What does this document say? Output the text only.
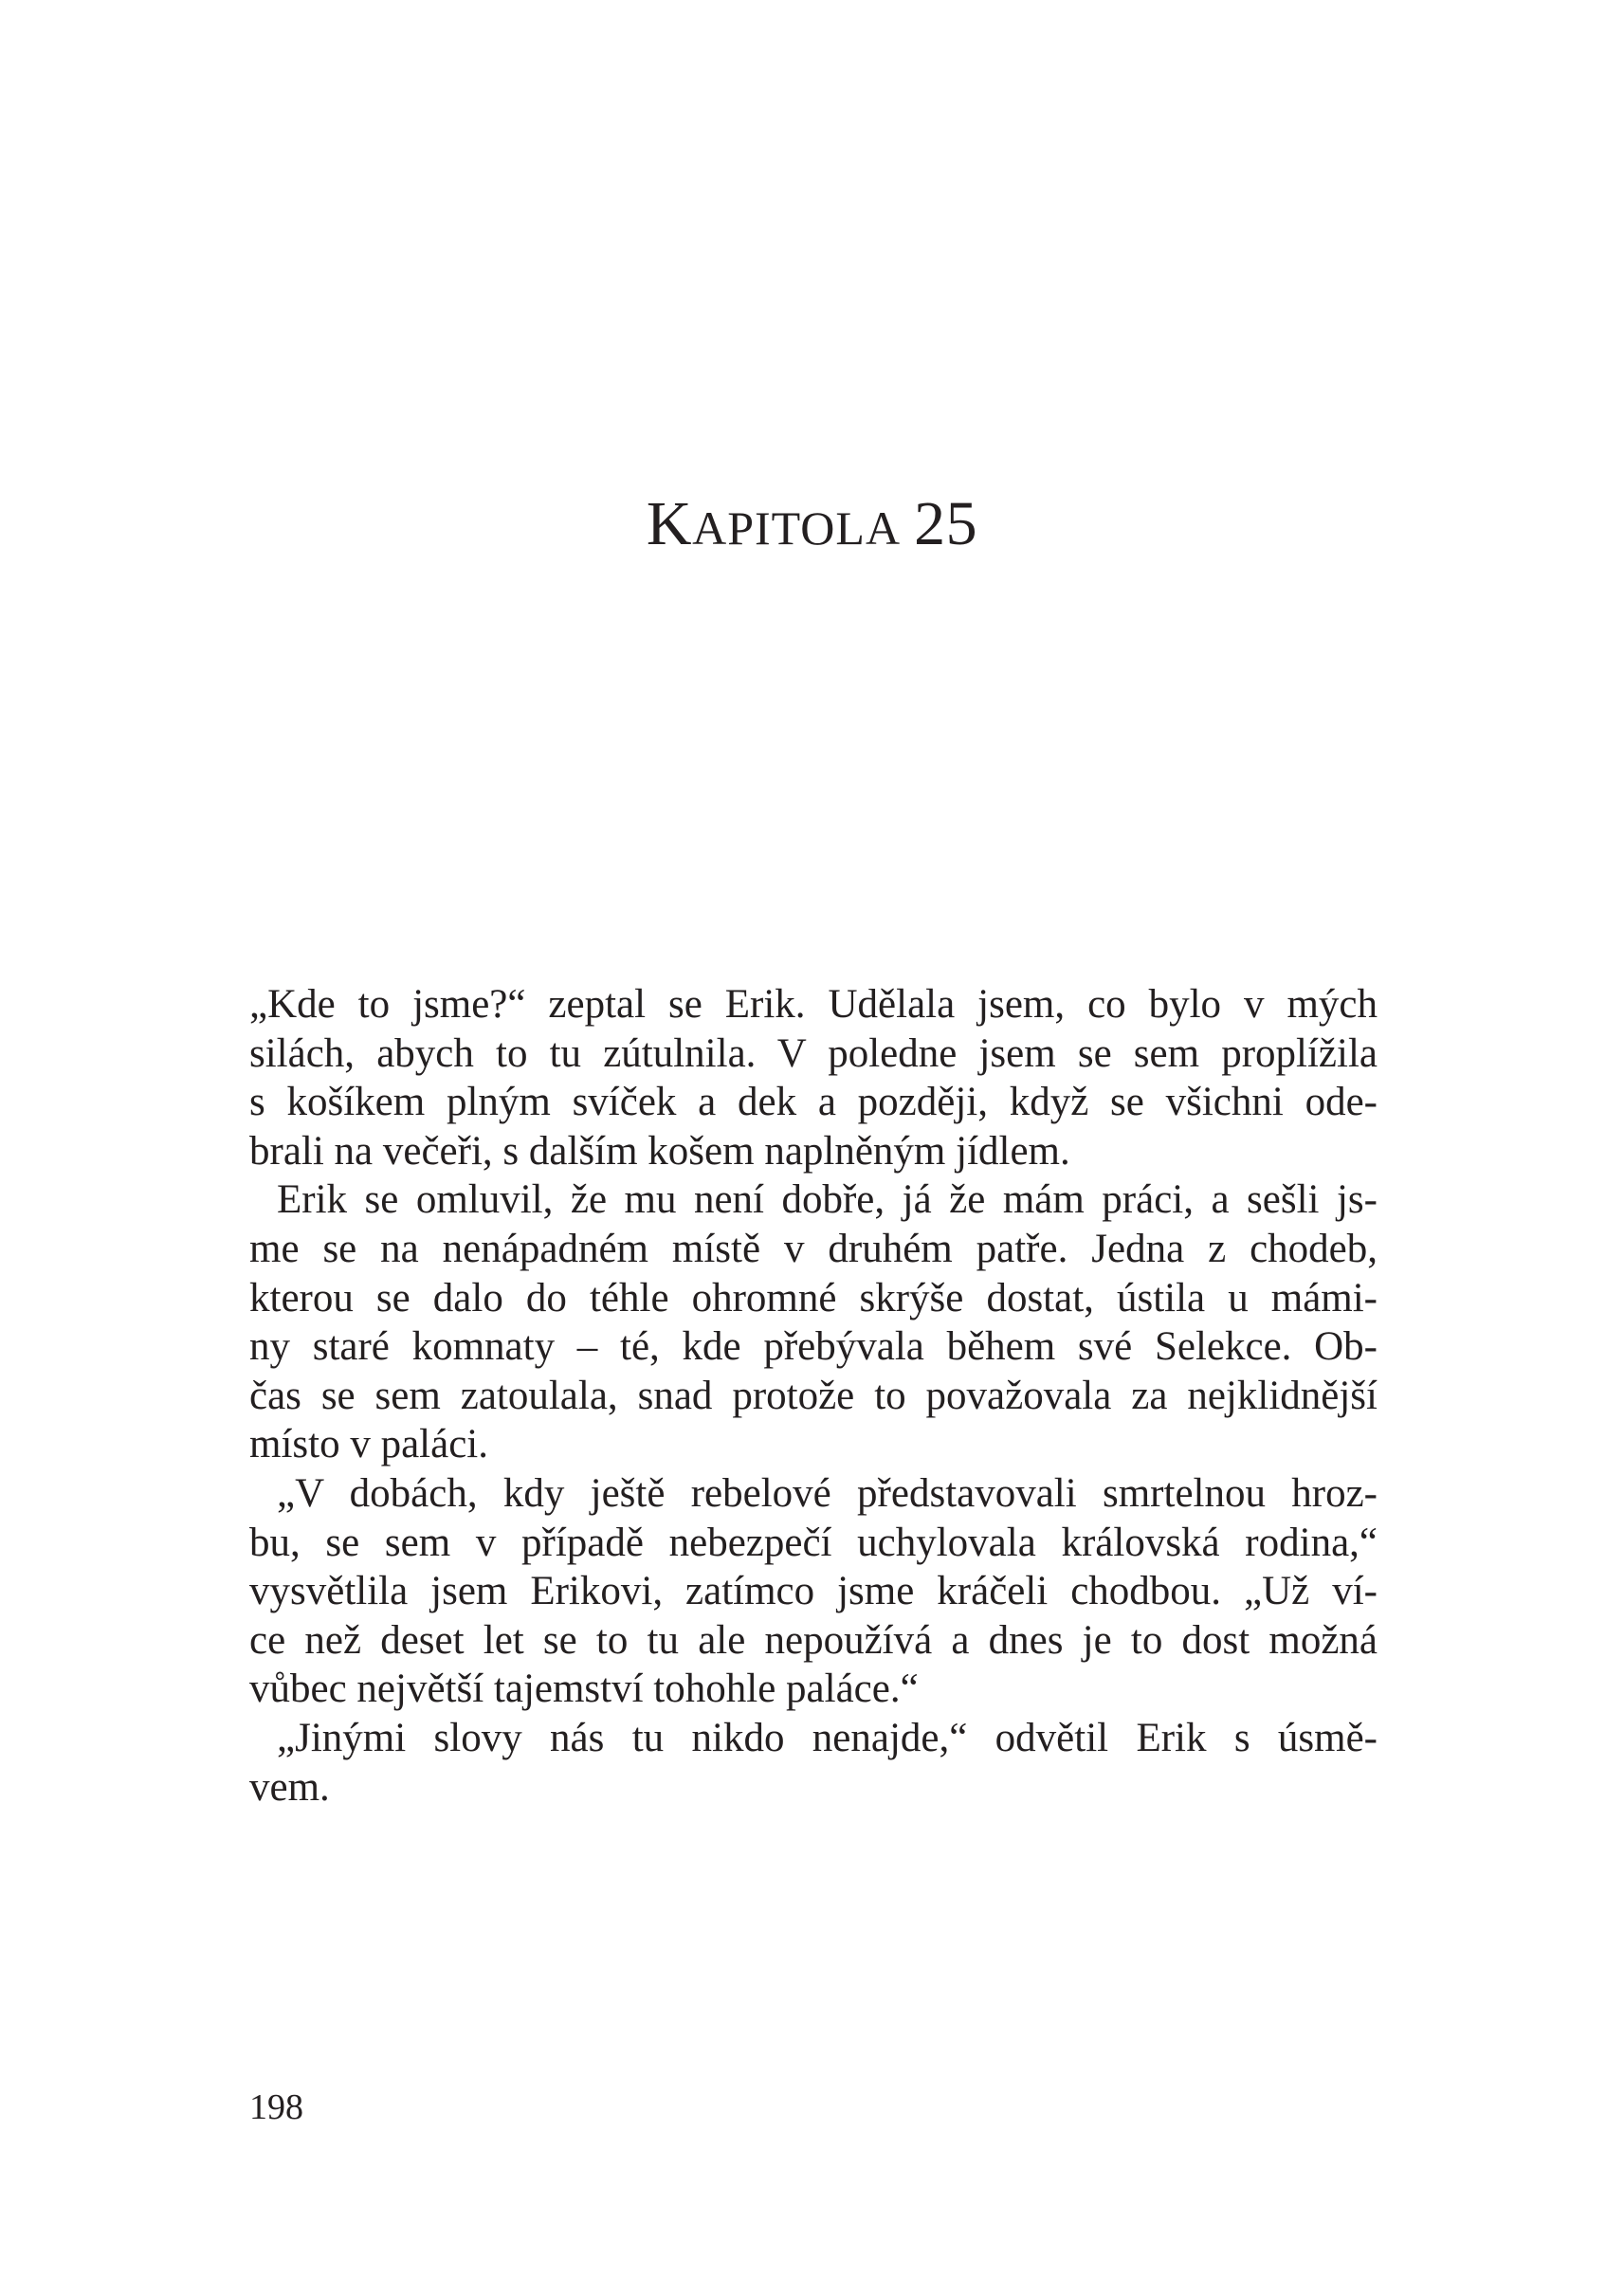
KAPITOLA 25
„Kde to jsme?“ zeptal se Erik. Udělala jsem, co bylo v mých
silách, abych to tu zútulnila. V poledne jsem se sem proplížila
s košíkem plným svíček a dek a později, když se všichni ode-
brali na večeři, s dalším košem naplněným jídlem.
Erik se omluvil, že mu není dobře, já že mám práci, a sešli js-
me se na nenápadném místě v druhém patře. Jedna z chodeb,
kterou se dalo do téhle ohromné skrýše dostat, ústila u mámi-
ny staré komnaty – té, kde přebývala během své Selekce. Ob-
čas se sem zatoulala, snad protože to považovala za nejklidnější
místo v paláci.
„V dobách, kdy ještě rebelové představovali smrtelnou hroz-
bu, se sem v případě nebezpečí uchylovala královská rodina,“
vysvětlila jsem Erikovi, zatímco jsme kráčeli chodbou. „Už ví-
ce než deset let se to tu ale nepoužívá a dnes je to dost možná
vůbec největší tajemství tohohle paláce.“
„Jinými slovy nás tu nikdo nenajde,“ odvětil Erik s úsmě-
vem.
198
